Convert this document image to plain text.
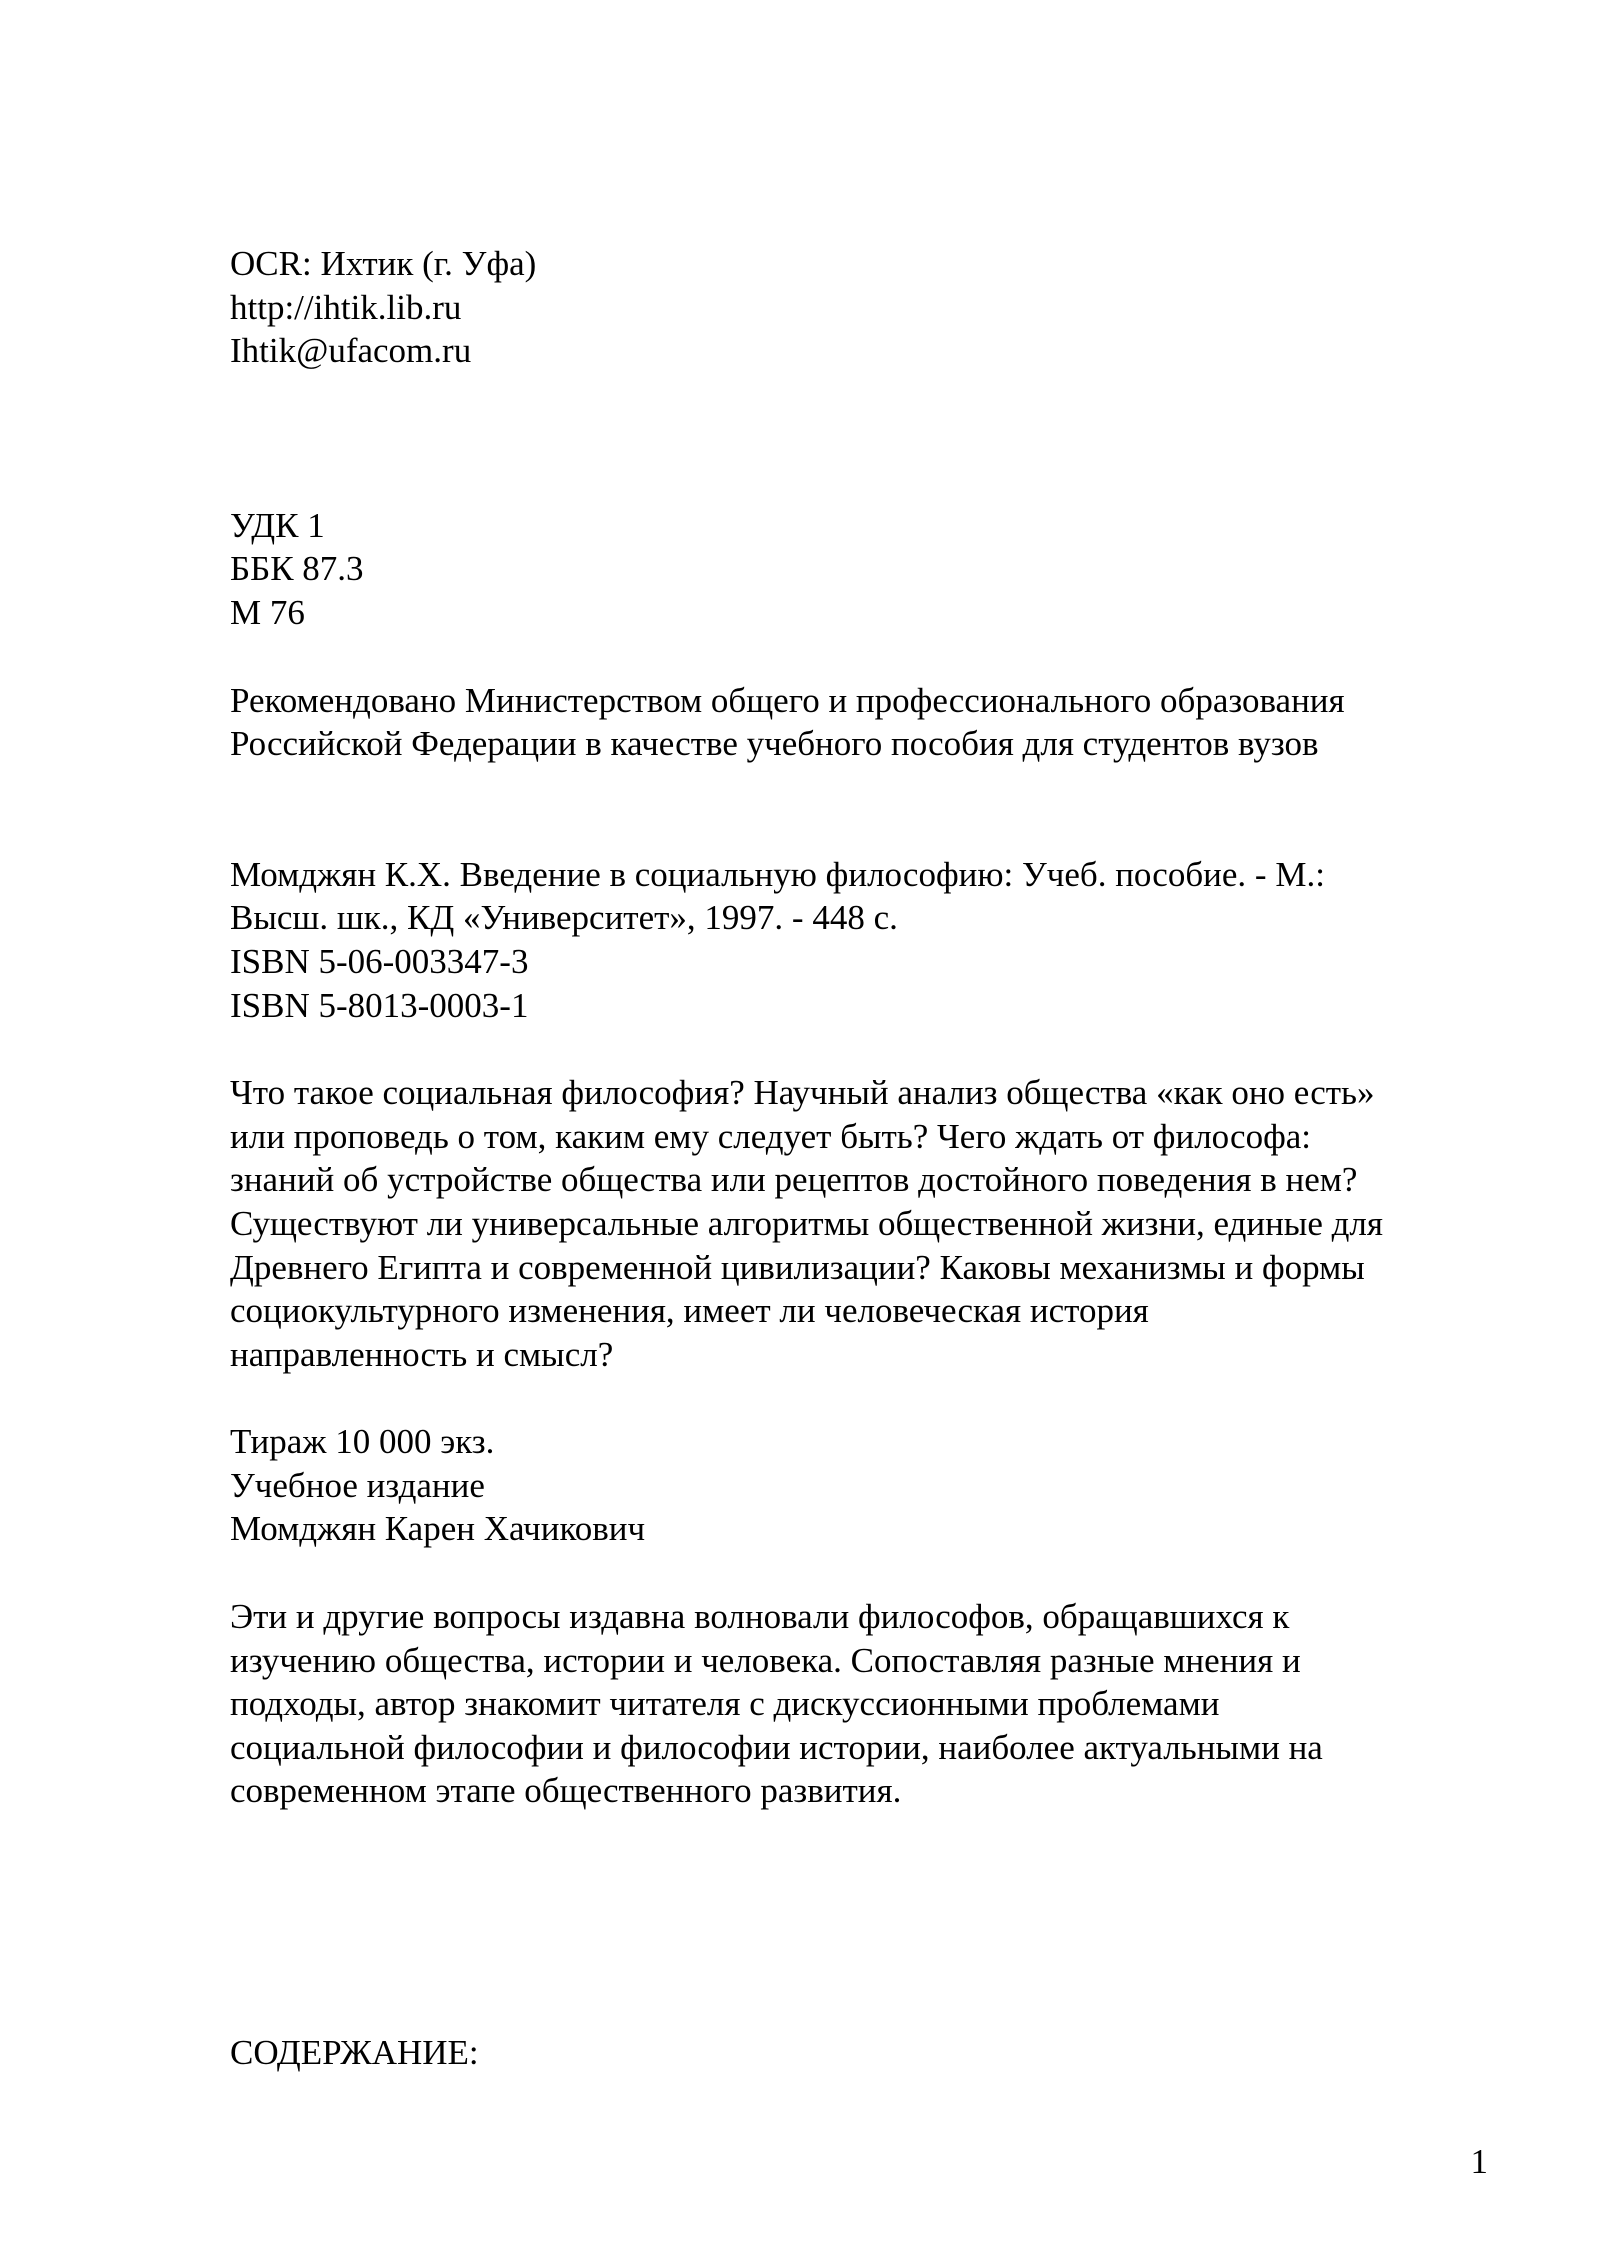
OCR: Ихтик (г. Уфа)
http://ihtik.lib.ru
Ihtik@ufacom.ru
УДК 1
ББК 87.3
М 76
Рекомендовано Министерством общего и профессионального образования
Российской Федерации в качестве учебного пособия для студентов вузов
Момджян К.Х. Введение в социальную философию: Учеб. пособие. - М.:
Высш. шк., КД «Университет», 1997. - 448 с.
ISBN 5-06-003347-3
ISBN 5-8013-0003-1
Что такое социальная философия? Научный анализ общества «как оно есть»
или проповедь о том, каким ему следует быть? Чего ждать от философа:
знаний об устройстве общества или рецептов достойного поведения в нем?
Существуют ли универсальные алгоритмы общественной жизни, единые для
Древнего Египта и современной цивилизации? Каковы механизмы и формы
социокультурного изменения, имеет ли человеческая история
направленность и смысл?
Тираж 10 000 экз.
Учебное издание
Момджян Карен Хачикович
Эти и другие вопросы издавна волновали философов, обращавшихся к
изучению общества, истории и человека. Сопоставляя разные мнения и
подходы, автор знакомит читателя с дискуссионными проблемами
социальной философии и философии истории, наиболее актуальными на
современном этапе общественного развития.
СОДЕРЖАНИЕ:
1
